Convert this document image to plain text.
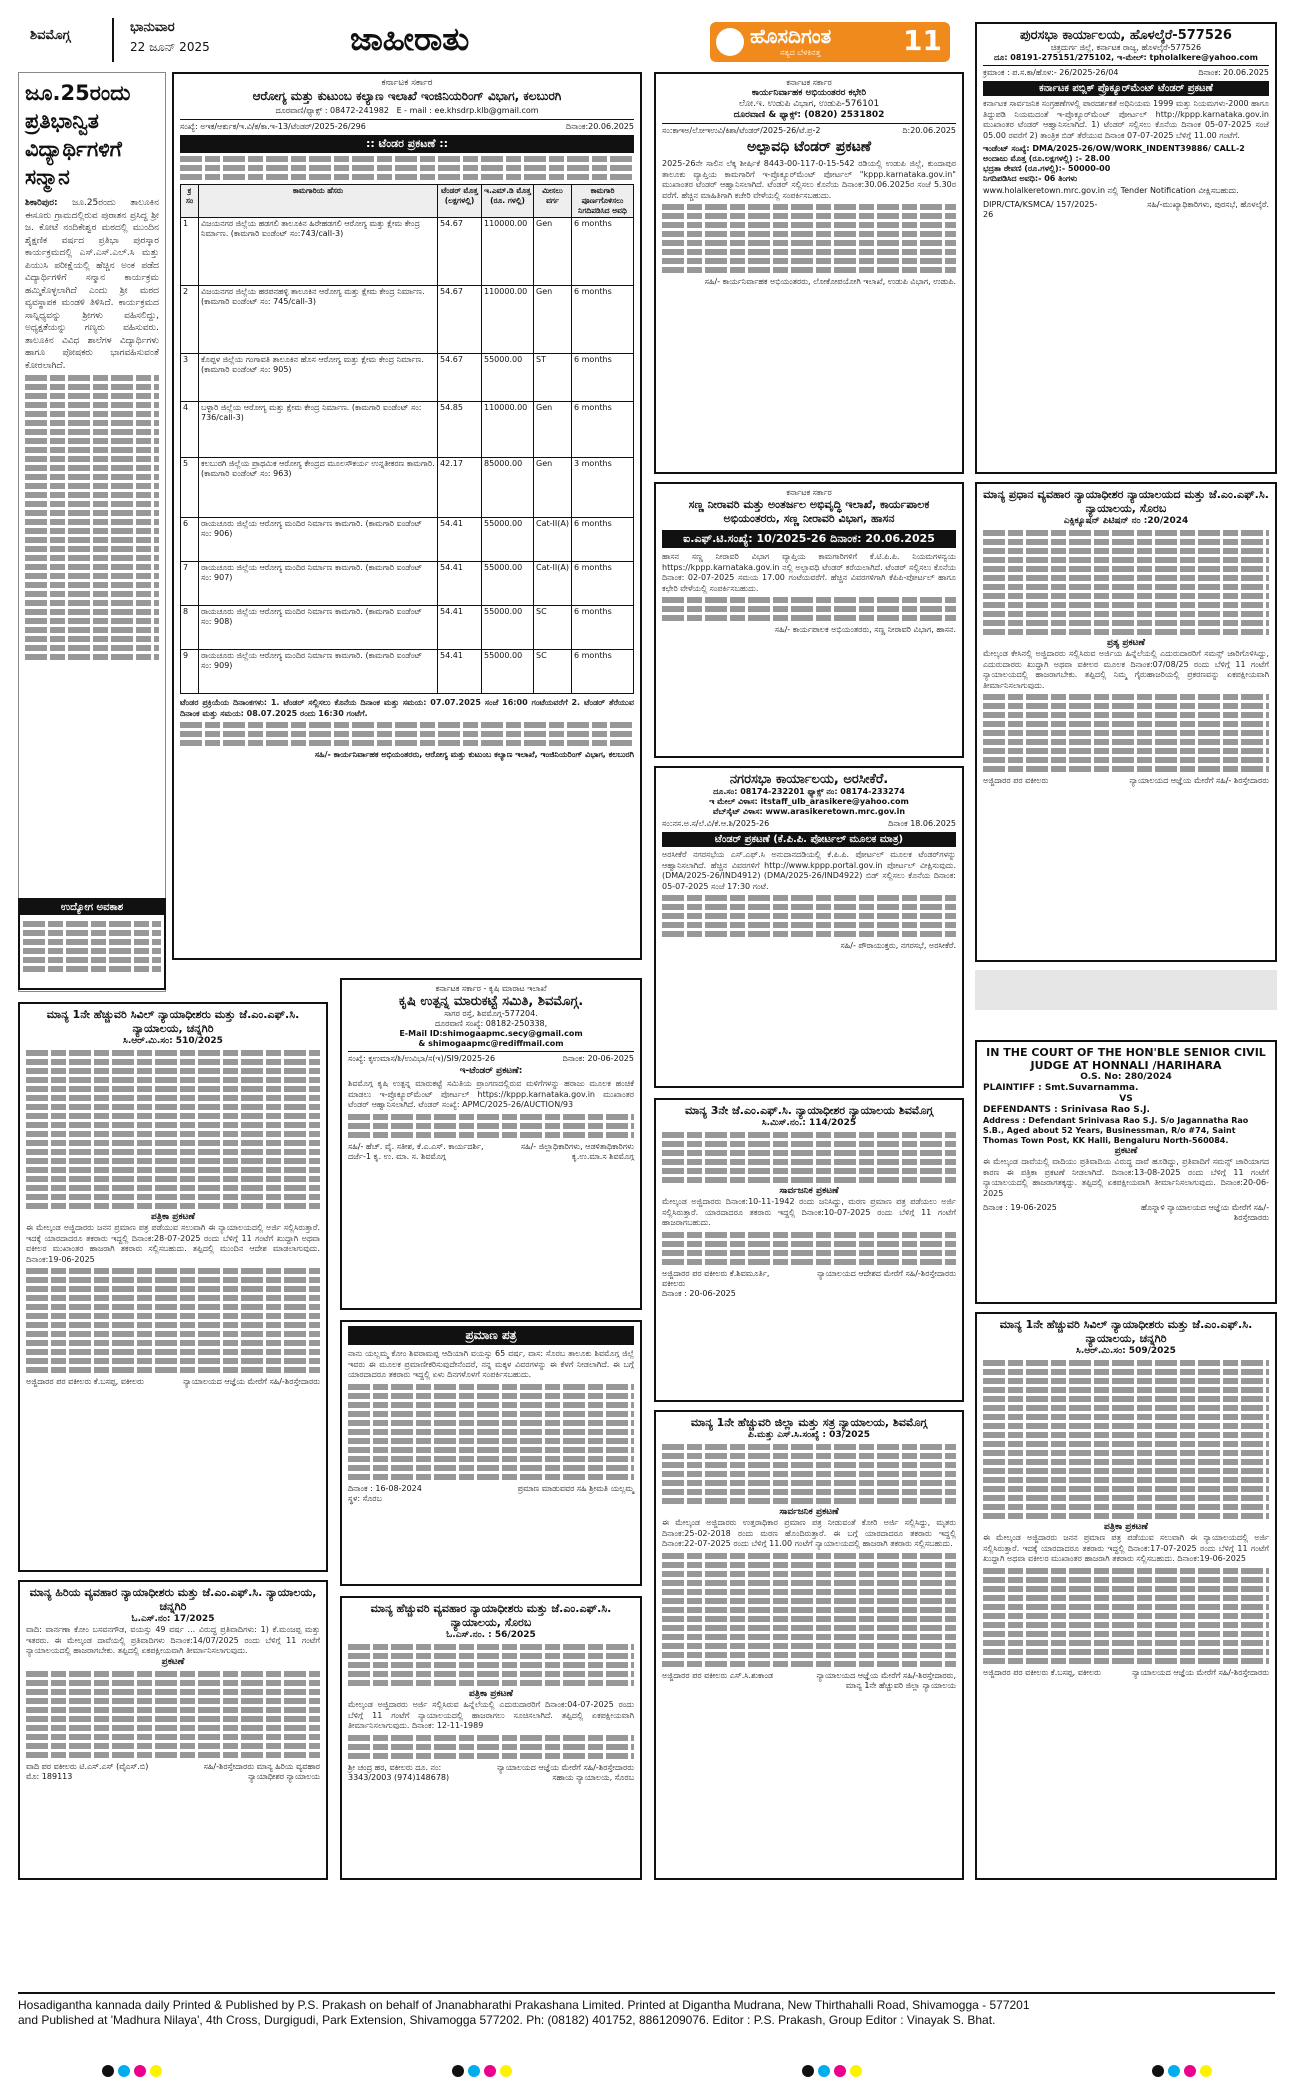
ಶಿವಮೊಗ್ಗ
ಭಾನುವಾರ
22 ಜೂನ್ 2025	ಜಾಹೀರಾತು	ಹೊಸದಿಗಂತ
ಸತ್ಯದ ಬೆಳಕಿನತ್ತ	11
ಜೂ.25ರಂದು ಪ್ರತಿಭಾನ್ವಿತ ವಿದ್ಯಾರ್ಥಿಗಳಿಗೆ ಸನ್ಮಾನ
ಶಿಕಾರಿಪುರ: ಜೂ.25ರಂದು ತಾಲೂಕಿನ ಈಸೂರು ಗ್ರಾಮದಲ್ಲಿರುವ ಪುರಾತನ ಪ್ರಸಿದ್ಧ ಶ್ರೀ ಜ. ಕೋಟೆ ನಂದಿಕೇಶ್ವರ ಮಠದಲ್ಲಿ ಮುಂದಿನ ಶೈಕ್ಷಣಿಕ ವರ್ಷದ ಪ್ರತಿಭಾ ಪುರಸ್ಕಾರ ಕಾರ್ಯಕ್ರಮದಲ್ಲಿ ಎಸ್.ಎಸ್.ಎಲ್.ಸಿ ಮತ್ತು ಪಿಯುಸಿ ಪರೀಕ್ಷೆಯಲ್ಲಿ ಹೆಚ್ಚಿನ ಅಂಕ ಪಡೆದ ವಿದ್ಯಾರ್ಥಿಗಳಿಗೆ ಸನ್ಮಾನ ಕಾರ್ಯಕ್ರಮ ಹಮ್ಮಿಕೊಳ್ಳಲಾಗಿದೆ ಎಂದು ಶ್ರೀ ಮಠದ ವ್ಯವಸ್ಥಾಪಕ ಮಂಡಳಿ ತಿಳಿಸಿದೆ. ಕಾರ್ಯಕ್ರಮದ ಸಾನ್ನಿಧ್ಯವನ್ನು ಶ್ರೀಗಳು ವಹಿಸಲಿದ್ದು, ಅಧ್ಯಕ್ಷತೆಯನ್ನು ಗಣ್ಯರು ವಹಿಸುವರು. ತಾಲೂಕಿನ ವಿವಿಧ ಶಾಲೆಗಳ ವಿದ್ಯಾರ್ಥಿಗಳು ಹಾಗೂ ಪೋಷಕರು ಭಾಗವಹಿಸುವಂತೆ ಕೋರಲಾಗಿದೆ.
ಉದ್ಯೋಗ ಅವಕಾಶ
ಕರ್ನಾಟಕ ಸರ್ಕಾರ
ಆರೋಗ್ಯ ಮತ್ತು ಕುಟುಂಬ ಕಲ್ಯಾಣ ಇಲಾಖೆ ಇಂಜಿನಿಯರಿಂಗ್ ವಿಭಾಗ, ಕಲಬುರಗಿ
ದೂರವಾಣಿ/ಫ್ಯಾಕ್ಸ್ : 08472-241982 E - mail : ee.khsdrp.klb@gmail.com
ಸಂಖ್ಯೆ: ಅಇಕ/ಆರ್ಕುಕ/ಇ.ವಿ/ಕ/ಕಾ.ಇ-13/ಟೆಂಡರ್/2025-26/296	ದಿನಾಂಕ:20.06.2025
:: ಟೆಂಡರ ಪ್ರಕಟಣೆ ::
ಕ್ರ ಸಂ	ಕಾಮಗಾರಿಯ ಹೆಸರು	ಟೆಂಡರ್ ಮೊತ್ತ (ಲಕ್ಷಗಳಲ್ಲಿ)	ಇ.ಎಮ್.ಡಿ ಮೊತ್ತ (ರೂ. ಗಳಲ್ಲಿ)	ಮೀಸಲು ವರ್ಗ	ಕಾಮಗಾರಿ ಪೂರ್ಣಗೊಳಿಸಲು ನಿಗದಿಪಡಿಸಿದ ಅವಧಿ
1	ವಿಜಯನಗರ ಜಿಲ್ಲೆಯ ಹಡಗಲಿ ತಾಲೂಕಿನ ಹಿರೇಹಡಗಲಿ ಆರೋಗ್ಯ ಮತ್ತು ಕ್ಷೇಮ ಕೇಂದ್ರ ನಿರ್ಮಾಣ. (ಕಾಮಗಾರಿ ಐಂಡೆಂಟ್ ಸಂ:743/call-3)	54.67	110000.00	Gen	6 months
2	ವಿಜಯನಗರ ಜಿಲ್ಲೆಯ ಹರಪನಹಳ್ಳಿ ತಾಲೂಕಿನ ಆರೋಗ್ಯ ಮತ್ತು ಕ್ಷೇಮ ಕೇಂದ್ರ ನಿರ್ಮಾಣ. (ಕಾಮಗಾರಿ ಐಂಡೆಂಟ್ ಸಂ: 745/call-3)	54.67	110000.00	Gen	6 months
3	ಕೊಪ್ಪಳ ಜಿಲ್ಲೆಯ ಗಂಗಾವತಿ ತಾಲೂಕಿನ ಹೊಸ ಆರೋಗ್ಯ ಮತ್ತು ಕ್ಷೇಮ ಕೇಂದ್ರ ನಿರ್ಮಾಣ. (ಕಾಮಗಾರಿ ಐಂಡೆಂಟ್ ಸಂ: 905)	54.67	55000.00	ST	6 months
4	ಬಳ್ಳಾರಿ ಜಿಲ್ಲೆಯ ಆರೋಗ್ಯ ಮತ್ತು ಕ್ಷೇಮ ಕೇಂದ್ರ ನಿರ್ಮಾಣ. (ಕಾಮಗಾರಿ ಐಂಡೆಂಟ್ ಸಂ: 736/call-3)	54.85	110000.00	Gen	6 months
5	ಕಲಬುರಗಿ ಜಿಲ್ಲೆಯ ಪ್ರಾಥಮಿಕ ಆರೋಗ್ಯ ಕೇಂದ್ರದ ಮೂಲಸೌಕರ್ಯ ಉನ್ನತೀಕರಣ ಕಾಮಗಾರಿ. (ಕಾಮಗಾರಿ ಐಂಡೆಂಟ್ ಸಂ: 963)	42.17	85000.00	Gen	3 months
6	ರಾಯಚೂರು ಜಿಲ್ಲೆಯ ಆರೋಗ್ಯ ಮಂದಿರ ನಿರ್ಮಾಣ ಕಾಮಗಾರಿ. (ಕಾಮಗಾರಿ ಐಂಡೆಂಟ್ ಸಂ: 906)	54.41	55000.00	Cat-II(A)	6 months
7	ರಾಯಚೂರು ಜಿಲ್ಲೆಯ ಆರೋಗ್ಯ ಮಂದಿರ ನಿರ್ಮಾಣ ಕಾಮಗಾರಿ. (ಕಾಮಗಾರಿ ಐಂಡೆಂಟ್ ಸಂ: 907)	54.41	55000.00	Cat-II(A)	6 months
8	ರಾಯಚೂರು ಜಿಲ್ಲೆಯ ಆರೋಗ್ಯ ಮಂದಿರ ನಿರ್ಮಾಣ ಕಾಮಗಾರಿ. (ಕಾಮಗಾರಿ ಐಂಡೆಂಟ್ ಸಂ: 908)	54.41	55000.00	SC	6 months
9	ರಾಯಚೂರು ಜಿಲ್ಲೆಯ ಆರೋಗ್ಯ ಮಂದಿರ ನಿರ್ಮಾಣ ಕಾಮಗಾರಿ. (ಕಾಮಗಾರಿ ಐಂಡೆಂಟ್ ಸಂ: 909)	54.41	55000.00	SC	6 months
ಟೆಂಡರ ಪ್ರಕ್ರಿಯೆಯ ದಿನಾಂಕಗಳು: 1. ಟೆಂಡರ್ ಸಲ್ಲಿಸಲು ಕೊನೆಯ ದಿನಾಂಕ ಮತ್ತು ಸಮಯ: 07.07.2025 ಸಂಜೆ 16:00 ಗಂಟೆಯವರೆಗೆ 2. ಟೆಂಡರ್ ತೆರೆಯುವ ದಿನಾಂಕ ಮತ್ತು ಸಮಯ: 08.07.2025 ರಂದು 16:30 ಗಂಟೆಗೆ.
ಸಹಿ/- ಕಾರ್ಯನಿರ್ವಾಹಕ ಅಭಿಯಂತರರು, ಆರೋಗ್ಯ ಮತ್ತು ಕುಟುಂಬ ಕಲ್ಯಾಣ ಇಲಾಖೆ, ಇಂಜಿನಿಯರಿಂಗ್ ವಿಭಾಗ, ಕಲಬುರಗಿ
ಕರ್ನಾಟಕ ಸರ್ಕಾರ
ಕಾರ್ಯನಿರ್ವಾಹಕ ಅಭಿಯಂತರರ ಕಛೇರಿ
ಲೋ.ಇ. ಉಡುಪಿ ವಿಭಾಗ, ಉಡುಪಿ-576101
ದೂರವಾಣಿ & ಫ್ಯಾಕ್ಸ್: (0820) 2531802
ಸಂ:ಕಾಇಅ/ಲೋಇಉವಿ/ಕಿಶಾ/ಟೆಂಡರ್/2025-26/ಟೆ.ಪ್ರ-2	ದಿ:20.06.2025
ಅಲ್ಪಾವಧಿ ಟೆಂಡರ್ ಪ್ರಕಟಣೆ
2025-26ನೇ ಸಾಲಿನ ಲೆಕ್ಕ ಶೀರ್ಷಿಕೆ 8443-00-117-0-15-542 ರಡಿಯಲ್ಲಿ ಉಡುಪಿ ಜಿಲ್ಲೆ, ಕುಂದಾಪುರ ತಾಲೂಕು ವ್ಯಾಪ್ತಿಯ ಕಾಮಗಾರಿಗೆ ಇ-ಪ್ರೊಕ್ಯೂರ್‌ಮೆಂಟ್ ಪೋರ್ಟಲ್ "kppp.karnataka.gov.in" ಮುಖಾಂತರ ಟೆಂಡರ್ ಆಹ್ವಾನಿಸಲಾಗಿದೆ. ಟೆಂಡರ್ ಸಲ್ಲಿಸಲು ಕೊನೆಯ ದಿನಾಂಕ:30.06.2025ರ ಸಂಜೆ 5.30ರ ವರೆಗೆ. ಹೆಚ್ಚಿನ ಮಾಹಿತಿಗಾಗಿ ಕಚೇರಿ ವೇಳೆಯಲ್ಲಿ ಸಂಪರ್ಕಿಸಬಹುದು.
ಸಹಿ/- ಕಾರ್ಯನಿರ್ವಾಹಕ ಅಭಿಯಂತರರು, ಲೋಕೋಪಯೋಗಿ ಇಲಾಖೆ, ಉಡುಪಿ ವಿಭಾಗ, ಉಡುಪಿ.
ಕರ್ನಾಟಕ ಸರ್ಕಾರ
ಸಣ್ಣ ನೀರಾವರಿ ಮತ್ತು ಅಂತರ್ಜಲ ಅಭಿವೃದ್ಧಿ ಇಲಾಖೆ, ಕಾರ್ಯಪಾಲಕ ಅಭಿಯಂತರರು, ಸಣ್ಣ ನೀರಾವರಿ ವಿಭಾಗ, ಹಾಸನ
ಐ.ಎಫ್.ಟಿ.ಸಂಖ್ಯೆ: 10/2025-26 ದಿನಾಂಕ: 20.06.2025
ಹಾಸನ ಸಣ್ಣ ನೀರಾವರಿ ವಿಭಾಗ ವ್ಯಾಪ್ತಿಯ ಕಾಮಗಾರಿಗಳಿಗೆ ಕೆ.ಟಿ.ಪಿ.ಪಿ. ನಿಯಮಗಳನ್ವಯ https://kppp.karnataka.gov.in ನಲ್ಲಿ ಅಲ್ಪಾವಧಿ ಟೆಂಡರ್ ಕರೆಯಲಾಗಿದೆ. ಟೆಂಡರ್ ಸಲ್ಲಿಸಲು ಕೊನೆಯ ದಿನಾಂಕ: 02-07-2025 ಸಮಯ 17.00 ಗಂಟೆಯವರೆಗೆ. ಹೆಚ್ಚಿನ ವಿವರಗಳಿಗಾಗಿ ಕೆಪಿಪಿ-ಪೋರ್ಟಲ್ ಹಾಗೂ ಕಛೇರಿ ವೇಳೆಯಲ್ಲಿ ಸಂಪರ್ಕಿಸಬಹುದು.
ಸಹಿ/- ಕಾರ್ಯಪಾಲಕ ಅಭಿಯಂತರರು, ಸಣ್ಣ ನೀರಾವರಿ ವಿಭಾಗ, ಹಾಸನ.
ನಗರಸಭಾ ಕಾರ್ಯಾಲಯ, ಅರಸೀಕೆರೆ.
ದೂ.ಸಂ: 08174-232201 ಫ್ಯಾಕ್ಸ್ ನಂ: 08174-233274
ಇ ಮೇಲ್ ವಿಳಾಸ: itstaff_ulb_arasikere@yahoo.com
ವೆಬ್‌ಸೈಟ್ ವಿಳಾಸ: www.arasikeretown.mrc.gov.in
ಸಂ:ನಸ.ಅ.ಸ/ಲೆ.ವಿ/ಕೆ.ಆ.ಶಿ/2025-26	ದಿನಾಂಕ 18.06.2025
ಟೆಂಡರ್ ಪ್ರಕಟಣೆ (ಕೆ.ಪಿ.ಪಿ. ಪೋರ್ಟಲ್ ಮೂಲಕ ಮಾತ್ರ)
ಅರಸೀಕೆರೆ ನಗರಸಭೆಯ ಎಸ್.ಎಫ್.ಸಿ ಅನುದಾನದಡಿಯಲ್ಲಿ ಕೆ.ಪಿ.ಪಿ. ಪೋರ್ಟಲ್ ಮೂಲಕ ಟೆಂಡರ್‌ಗಳನ್ನು ಆಹ್ವಾನಿಸಲಾಗಿದೆ. ಹೆಚ್ಚಿನ ವಿವರಗಳಿಗೆ http://www.kppp.portal.gov.in ಪೋರ್ಟಲ್ ವೀಕ್ಷಿಸುವುದು. (DMA/2025-26/IND4912) (DMA/2025-26/IND4922) ಬಿಡ್ ಸಲ್ಲಿಸಲು ಕೊನೆಯ ದಿನಾಂಕ: 05-07-2025 ಸಂಜೆ 17:30 ಗಂಟೆ.
ಸಹಿ/- ಪೌರಾಯುಕ್ತರು, ನಗರಸಭೆ, ಅರಸೀಕೆರೆ.
ಪುರಸಭಾ ಕಾರ್ಯಾಲಯ, ಹೊಳಲ್ಕೆರೆ-577526
ಚಿತ್ರದುರ್ಗ ಜಿಲ್ಲೆ, ಕರ್ನಾಟಕ ರಾಜ್ಯ, ಹೊಳಲ್ಕೆರೆ-577526
ದೂ: 08191-275151/275102, ಇ-ಮೇಲ್: tpholalkere@yahoo.com
ಕ್ರಮಾಂಕ : ಪ.ಸ.ಕಾ/ಹೊಳ:- 26/2025-26/04	ದಿನಾಂಕ: 20.06.2025
ಕರ್ನಾಟಕ ಪಬ್ಲಿಕ್ ಪ್ರೊಕ್ಯೂರ್‌ಮೆಂಟ್ ಟೆಂಡರ್ ಪ್ರಕಟಣೆ
ಕರ್ನಾಟಕ ಸಾರ್ವಜನಿಕ ಸಂಗ್ರಹಣೆಗಳಲ್ಲಿ ಪಾರದರ್ಶಕತೆ ಅಧಿನಿಯಮ 1999 ಮತ್ತು ನಿಯಮಗಳು-2000 ಹಾಗೂ ತಿದ್ದುಪಡಿ ನಿಯಮದಂತೆ ಇ-ಪ್ರೊಕ್ಯೂರ್‌ಮೆಂಟ್ ಪೋರ್ಟಲ್ http://kppp.karnataka.gov.in ಮುಖಾಂತರ ಟೆಂಡರ್ ಆಹ್ವಾನಿಸಲಾಗಿದೆ. 1) ಟೆಂಡರ್ ಸಲ್ಲಿಸಲು ಕೊನೆಯ ದಿನಾಂಕ 05-07-2025 ಸಂಜೆ 05.00 ರವರೆಗೆ 2) ತಾಂತ್ರಿಕ ಬಿಡ್ ತೆರೆಯುವ ದಿನಾಂಕ 07-07-2025 ಬೆಳಿಗ್ಗೆ 11.00 ಗಂಟೆಗೆ.
ಇಂಡೆಂಟ್ ಸಂಖ್ಯೆ: DMA/2025-26/OW/WORK_INDENT39886/ CALL-2
ಅಂದಾಜು ಮೊತ್ತ (ರೂ.ಲಕ್ಷಗಳಲ್ಲಿ) :- 28.00
ಭದ್ರತಾ ಠೇವಣಿ (ರೂ.ಗಳಲ್ಲಿ):- 50000-00
ನಿಗದಿಪಡಿಸಿದ ಅವಧಿ:- 06 ತಿಂಗಳು
www.holalkeretown.mrc.gov.in ನಲ್ಲಿ Tender Notification ವೀಕ್ಷಿಸಬಹುದು.
DIPR/CTA/KSMCA/ 157/2025-26
ಸಹಿ/-ಮುಖ್ಯಾಧಿಕಾರಿಗಳು, ಪುರಸಭೆ, ಹೊಳಲ್ಕೆರೆ.
ಮಾನ್ಯ ಪ್ರಧಾನ ವ್ಯವಹಾರ ನ್ಯಾಯಾಧೀಶರ ನ್ಯಾಯಾಲಯದ ಮತ್ತು ಜೆ.ಎಂ.ಎಫ್.ಸಿ. ನ್ಯಾಯಾಲಯ, ಸೊರಬ
ಎಕ್ಸಿಕ್ಯೂಷನ್ ಪಿಟಿಷನ್ ನಂ :20/2024
ಪ್ರತ್ಯ ಪ್ರಕಟಣೆ
ಮೇಲ್ಕಂಡ ಕೇಸಿನಲ್ಲಿ ಅಜ್ಜಿದಾರರು ಸಲ್ಲಿಸಿರುವ ಅರ್ಜಿಯ ಹಿನ್ನೆಲೆಯಲ್ಲಿ ಎದುರುದಾರರಿಗೆ ಸಮನ್ಸ್ ಜಾರಿಗೊಳಿಸಿದ್ದು, ಎದುರುದಾರರು ಖುದ್ದಾಗಿ ಅಥವಾ ವಕೀಲರ ಮೂಲಕ ದಿನಾಂಕ:07/08/25 ರಂದು ಬೆಳಿಗ್ಗೆ 11 ಗಂಟೆಗೆ ನ್ಯಾಯಾಲಯದಲ್ಲಿ ಹಾಜರಾಗಬೇಕು. ತಪ್ಪಿದಲ್ಲಿ ನಿಮ್ಮ ಗೈರುಹಾಜರಿಯಲ್ಲಿ ಪ್ರಕರಣವನ್ನು ಏಕಪಕ್ಷೀಯವಾಗಿ ತೀರ್ಮಾನಿಸಲಾಗುವುದು.
ಅಜ್ಜಿದಾರರ ಪರ ವಕೀಲರು	ನ್ಯಾಯಾಲಯದ ಆಜ್ಞೆಯ ಮೇರೆಗೆ ಸಹಿ/- ಶಿರಸ್ತೇದಾರರು
IN THE COURT OF THE HON'BLE SENIOR CIVIL JUDGE AT HONNALI /HARIHARA
O.S. No: 280/2024
PLAINTIFF : Smt.Suvarnamma.
VS
DEFENDANTS : Srinivasa Rao S.J.
Address : Defendant Srinivasa Rao S.J. S/o Jagannatha Rao S.B., Aged about 52 Years, Businessman, R/o #74, Saint Thomas Town Post, KK Halli, Bengaluru North-560084.
ಪ್ರಕಟಣೆ
ಈ ಮೇಲ್ಕಂಡ ದಾವೆಯಲ್ಲಿ ವಾದಿಯು ಪ್ರತಿವಾದಿಯ ವಿರುದ್ಧ ದಾವೆ ಹೂಡಿದ್ದು, ಪ್ರತಿವಾದಿಗೆ ಸಮನ್ಸ್ ಜಾರಿಯಾಗದ ಕಾರಣ ಈ ಪತ್ರಿಕಾ ಪ್ರಕಟಣೆ ನೀಡಲಾಗಿದೆ. ದಿನಾಂಕ:13-08-2025 ರಂದು ಬೆಳಿಗ್ಗೆ 11 ಗಂಟೆಗೆ ನ್ಯಾಯಾಲಯದಲ್ಲಿ ಹಾಜರಾಗತಕ್ಕದ್ದು. ತಪ್ಪಿದಲ್ಲಿ ಏಕಪಕ್ಷೀಯವಾಗಿ ತೀರ್ಮಾನಿಸಲಾಗುವುದು. ದಿನಾಂಕ:20-06-2025
ದಿನಾಂಕ : 19-06-2025	ಹೊನ್ನಾಳಿ ನ್ಯಾಯಾಲಯದ ಆಜ್ಞೆಯ ಮೇರೆಗೆ ಸಹಿ/- ಶಿರಸ್ತೇದಾರರು
ಮಾನ್ಯ 1ನೇ ಹೆಚ್ಚುವರಿ ಸಿವಿಲ್ ನ್ಯಾಯಾಧೀಶರು ಮತ್ತು ಜೆ.ಎಂ.ಎಫ್.ಸಿ. ನ್ಯಾಯಾಲಯ, ಚನ್ನಗಿರಿ
ಸಿ.ಆರ್.ಮಿ.ಸಂ: 510/2025
ಪತ್ರಿಕಾ ಪ್ರಕಟಣೆ
ಈ ಮೇಲ್ಕಂಡ ಅಜ್ಜಿದಾರರು ಜನನ ಪ್ರಮಾಣ ಪತ್ರ ಪಡೆಯುವ ಸಲುವಾಗಿ ಈ ನ್ಯಾಯಾಲಯದಲ್ಲಿ ಅರ್ಜಿ ಸಲ್ಲಿಸಿರುತ್ತಾರೆ. ಇದಕ್ಕೆ ಯಾರದಾದರೂ ತಕರಾರು ಇದ್ದಲ್ಲಿ ದಿನಾಂಕ:28-07-2025 ರಂದು ಬೆಳಿಗ್ಗೆ 11 ಗಂಟೆಗೆ ಖುದ್ದಾಗಿ ಅಥವಾ ವಕೀಲರ ಮುಖಾಂತರ ಹಾಜರಾಗಿ ತಕರಾರು ಸಲ್ಲಿಸಬಹುದು. ತಪ್ಪಿದಲ್ಲಿ ಮುಂದಿನ ಆದೇಶ ಮಾಡಲಾಗುವುದು. ದಿನಾಂಕ:19-06-2025
ಅಜ್ಜಿದಾರರ ಪರ ವಕೀಲರು ಕೆ.ಬಸಪ್ಪ, ವಕೀಲರು	ನ್ಯಾಯಾಲಯದ ಆಜ್ಞೆಯ ಮೇರೆಗೆ ಸಹಿ/-ಶಿರಸ್ತೇದಾರರು
ಕರ್ನಾಟಕ ಸರ್ಕಾರ - ಕೃಷಿ ಮಾರಾಟ ಇಲಾಖೆ
ಕೃಷಿ ಉತ್ಪನ್ನ ಮಾರುಕಟ್ಟೆ ಸಮಿತಿ, ಶಿವಮೊಗ್ಗ.
ಸಾಗರ ರಸ್ತೆ, ಶಿವಮೊಗ್ಗ-577204.
ದೂರವಾಣಿ ಸಂಖ್ಯೆ: 08182-250338,
E-Mail ID:shimogaapmc.secy@gmail.com
& shimogaapmc@rediffmail.com
ಸಂಖ್ಯೆ: ಕೃಉಮಾಸ/ಶಿ/ಉವಿಭಾ/ಸ(ಇ)/SI9/2025-26	ದಿನಾಂಕ: 20-06-2025
ಇ-ಟೆಂಡರ್ ಪ್ರಕಟಣೆ:
ಶಿವಮೊಗ್ಗ ಕೃಷಿ ಉತ್ಪನ್ನ ಮಾರುಕಟ್ಟೆ ಸಮಿತಿಯ ಪ್ರಾಂಗಣದಲ್ಲಿರುವ ಮಳಿಗೆಗಳನ್ನು ಹರಾಜು ಮೂಲಕ ಹಂಚಿಕೆ ಮಾಡಲು ಇ-ಪ್ರೊಕ್ಯೂರ್‌ಮೆಂಟ್ ಪೋರ್ಟಲ್ https://kppp.karnataka.gov.in ಮುಖಾಂತರ ಟೆಂಡರ್ ಆಹ್ವಾನಿಸಲಾಗಿದೆ. ಟೆಂಡರ್ ಸಂಖ್ಯೆ: APMC/2025-26/AUCTION/93
ಸಹಿ/- ಹೆಚ್. ವೈ. ಸತೀಶ, ಕೆ.ಎ.ಎಸ್. ಕಾರ್ಯದರ್ಶಿ, ದರ್ಜೆ-1 ಕೃ. ಉ. ಮಾ. ಸ. ಶಿವಮೊಗ್ಗ
ಸಹಿ/- ಜಿಲ್ಲಾಧಿಕಾರಿಗಳು, ಆಡಳಿತಾಧಿಕಾರಿಗಳು ಕೃ.ಉ.ಮಾ.ಸ ಶಿವಮೊಗ್ಗ
ಪ್ರಮಾಣ ಪತ್ರ
ನಾನು ಯಲ್ಲಮ್ಮ ಕೋಂ ಶಿವರಾಮಪ್ಪ ಆದಿಯಾಗಿ ವಯಸ್ಸು 65 ವರ್ಷ, ವಾಸ: ಸೊರಬ ತಾಲೂಕು ಶಿವಮೊಗ್ಗ ಜಿಲ್ಲೆ ಇವರು ಈ ಮೂಲಕ ಪ್ರಮಾಣೀಕರಿಸುವುದೇನೆಂದರೆ, ನನ್ನ ಮಕ್ಕಳ ವಿವರಗಳನ್ನು ಈ ಕೆಳಗೆ ನೀಡಲಾಗಿದೆ. ಈ ಬಗ್ಗೆ ಯಾರದಾದರೂ ತಕರಾರು ಇದ್ದಲ್ಲಿ ಏಳು ದಿನಗಳೊಳಗೆ ಸಂಪರ್ಕಿಸಬಹುದು.
ದಿನಾಂಕ : 16-08-2024
ಸ್ಥಳ: ಸೊರಬ
ಪ್ರಮಾಣ ಮಾಡುವವರ ಸಹಿ ಶ್ರೀಮತಿ ಯಲ್ಲಮ್ಮ
ಮಾನ್ಯ 3ನೇ ಜೆ.ಎಂ.ಎಫ್.ಸಿ. ನ್ಯಾಯಾಧೀಶರ ನ್ಯಾಯಾಲಯ ಶಿವಮೊಗ್ಗ
ಸಿ.ಮಿಸ್.ನಂ.: 114/2025
ಸಾರ್ವಜನಿಕ ಪ್ರಕಟಣೆ
ಮೇಲ್ಕಂಡ ಅಜ್ಜಿದಾರರು ದಿನಾಂಕ:10-11-1942 ರಂದು ಜನಿಸಿದ್ದು, ಮರಣ ಪ್ರಮಾಣ ಪತ್ರ ಪಡೆಯಲು ಅರ್ಜಿ ಸಲ್ಲಿಸಿರುತ್ತಾರೆ. ಯಾರದಾದರೂ ತಕರಾರು ಇದ್ದಲ್ಲಿ ದಿನಾಂಕ:10-07-2025 ರಂದು ಬೆಳಿಗ್ಗೆ 11 ಗಂಟೆಗೆ ಹಾಜರಾಗಬಹುದು.
ಅಜ್ಜಿದಾರರ ಪರ ವಕೀಲರು ಕೆ.ಶಿವಮೂರ್ತಿ, ವಕೀಲರು
ನ್ಯಾಯಾಲಯದ ಆದೇಶದ ಮೇರೆಗೆ ಸಹಿ/-ಶಿರಸ್ತೇದಾರರು
ದಿನಾಂಕ : 20-06-2025
ಮಾನ್ಯ ಹಿರಿಯ ವ್ಯವಹಾರ ನ್ಯಾಯಾಧೀಶರು ಮತ್ತು ಜೆ.ಎಂ.ಎಫ್.ಸಿ. ನ್ಯಾಯಾಲಯ, ಚನ್ನಗಿರಿ
ಓ.ಎಸ್.ನಂ: 17/2025
ವಾದಿ: ವಾರ್ನಣಾ ಕೋಂ ಬಸವನಗೌಡ, ವಯಸ್ಸು 49 ವರ್ಷ ... ವಿರುದ್ಧ ಪ್ರತಿವಾದಿಗಳು: 1) ಕೆ.ಮಂಜಪ್ಪ ಮತ್ತು ಇತರರು. ಈ ಮೇಲ್ಕಂಡ ದಾವೆಯಲ್ಲಿ ಪ್ರತಿವಾದಿಗಳು ದಿನಾಂಕ:14/07/2025 ರಂದು ಬೆಳಿಗ್ಗೆ 11 ಗಂಟೆಗೆ ನ್ಯಾಯಾಲಯದಲ್ಲಿ ಹಾಜರಾಗಬೇಕು. ತಪ್ಪಿದಲ್ಲಿ ಏಕಪಕ್ಷೀಯವಾಗಿ ತೀರ್ಮಾನಿಸಲಾಗುವುದು.
ಪ್ರಕಟಣೆ
ವಾದಿ ಪರ ವಕೀಲರು ಟಿ.ಎಸ್.ಎಸ್ (ವೈಎಸ್.ಬಿ) ಮೊ: 189113
ಸಹಿ/-ಶಿರಸ್ತೇದಾರರು ಮಾನ್ಯ ಹಿರಿಯ ವ್ಯವಹಾರ ನ್ಯಾಯಾಧೀಶರ ನ್ಯಾಯಾಲಯ
ಮಾನ್ಯ ಹೆಚ್ಚುವರಿ ವ್ಯವಹಾರ ನ್ಯಾಯಾಧೀಶರು ಮತ್ತು ಜೆ.ಎಂ.ಎಫ್.ಸಿ. ನ್ಯಾಯಾಲಯ, ಸೊರಬ
ಓ.ಎಸ್.ನಂ. : 56/2025
ಪತ್ರಿಕಾ ಪ್ರಕಟಣೆ
ಮೇಲ್ಕಂಡ ಅಜ್ಜಿದಾರರು ಅರ್ಜಿ ಸಲ್ಲಿಸಿರುವ ಹಿನ್ನೆಲೆಯಲ್ಲಿ ಎದುರುದಾರರಿಗೆ ದಿನಾಂಕ:04-07-2025 ರಂದು ಬೆಳಿಗ್ಗೆ 11 ಗಂಟೆಗೆ ನ್ಯಾಯಾಲಯದಲ್ಲಿ ಹಾಜರಾಗಲು ಸೂಚಿಸಲಾಗಿದೆ. ತಪ್ಪಿದಲ್ಲಿ ಏಕಪಕ್ಷೀಯವಾಗಿ ತೀರ್ಮಾನಿಸಲಾಗುವುದು. ದಿನಾಂಕ: 12-11-1989
ಶ್ರೀ ಚಂದ್ರ ಹರ, ವಕೀಲರು ದೂ. ನಂ: 3343/2003 (974)148678)
ನ್ಯಾಯಾಲಯದ ಆಜ್ಞೆಯ ಮೇರೆಗೆ ಸಹಿ/-ಶಿರಸ್ತೇದಾರರು ಸಹಾಯ ನ್ಯಾಯಾಲಯ, ಸೊರಬ
ಮಾನ್ಯ 1ನೇ ಹೆಚ್ಚುವರಿ ಜಿಲ್ಲಾ ಮತ್ತು ಸತ್ರ ನ್ಯಾಯಾಲಯ, ಶಿವಮೊಗ್ಗ
ಪಿ.ಮತ್ತು ಎಸ್.ಸಿ.ಸಂಖ್ಯೆ : 03/2025
ಸಾರ್ವಜನಿಕ ಪ್ರಕಟಣೆ
ಈ ಮೇಲ್ಕಂಡ ಅಜ್ಜಿದಾರರು ಉತ್ತರಾಧಿಕಾರ ಪ್ರಮಾಣ ಪತ್ರ ನೀಡುವಂತೆ ಕೋರಿ ಅರ್ಜಿ ಸಲ್ಲಿಸಿದ್ದು, ಮೃತರು ದಿನಾಂಕ:25-02-2018 ರಂದು ಮರಣ ಹೊಂದಿರುತ್ತಾರೆ. ಈ ಬಗ್ಗೆ ಯಾರದಾದರೂ ತಕರಾರು ಇದ್ದಲ್ಲಿ ದಿನಾಂಕ:22-07-2025 ರಂದು ಬೆಳಿಗ್ಗೆ 11.00 ಗಂಟೆಗೆ ನ್ಯಾಯಾಲಯದಲ್ಲಿ ಹಾಜರಾಗಿ ತಕರಾರು ಸಲ್ಲಿಸಬಹುದು.
ಅಜ್ಜಿದಾರರ ಪರ ವಕೀಲರು ಎಸ್.ಸಿ.ಶುಕಾಂಡ	ನ್ಯಾಯಾಲಯದ ಆಜ್ಞೆಯ ಮೇರೆಗೆ ಸಹಿ/-ಶಿರಸ್ತೇದಾರರು, ಮಾನ್ಯ 1ನೇ ಹೆಚ್ಚುವರಿ ಜಿಲ್ಲಾ ನ್ಯಾಯಾಲಯ
ಮಾನ್ಯ 1ನೇ ಹೆಚ್ಚುವರಿ ಸಿವಿಲ್ ನ್ಯಾಯಾಧೀಶರು ಮತ್ತು ಜೆ.ಎಂ.ಎಫ್.ಸಿ. ನ್ಯಾಯಾಲಯ, ಚನ್ನಗಿರಿ
ಸಿ.ಆರ್.ಮಿ.ಸಂ: 509/2025
ಪತ್ರಿಕಾ ಪ್ರಕಟಣೆ
ಈ ಮೇಲ್ಕಂಡ ಅಜ್ಜಿದಾರರು ಜನನ ಪ್ರಮಾಣ ಪತ್ರ ಪಡೆಯುವ ಸಲುವಾಗಿ ಈ ನ್ಯಾಯಾಲಯದಲ್ಲಿ ಅರ್ಜಿ ಸಲ್ಲಿಸಿರುತ್ತಾರೆ. ಇದಕ್ಕೆ ಯಾರದಾದರೂ ತಕರಾರು ಇದ್ದಲ್ಲಿ ದಿನಾಂಕ:17-07-2025 ರಂದು ಬೆಳಿಗ್ಗೆ 11 ಗಂಟೆಗೆ ಖುದ್ದಾಗಿ ಅಥವಾ ವಕೀಲರ ಮುಖಾಂತರ ಹಾಜರಾಗಿ ತಕರಾರು ಸಲ್ಲಿಸಬಹುದು. ದಿನಾಂಕ:19-06-2025
ಅಜ್ಜಿದಾರರ ಪರ ವಕೀಲರು ಕೆ.ಬಸಪ್ಪ, ವಕೀಲರು	ನ್ಯಾಯಾಲಯದ ಆಜ್ಞೆಯ ಮೇರೆಗೆ ಸಹಿ/-ಶಿರಸ್ತೇದಾರರು
Hosadigantha kannada daily Printed & Published by P.S. Prakash on behalf of Jnanabharathi Prakashana Limited. Printed at Digantha Mudrana, New Thirthahalli Road, Shivamogga - 577201
and Published at 'Madhura Nilaya', 4th Cross, Durgigudi, Park Extension, Shivamogga 577202. Ph: (08182) 401752, 8861209076. Editor : P.S. Prakash, Group Editor : Vinayak S. Bhat.
